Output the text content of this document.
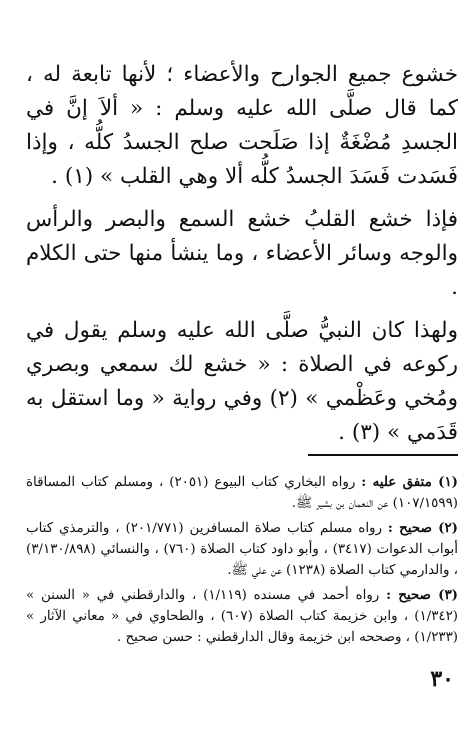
خشوع جميع الجوارح والأعضاء ؛ لأنها تابعة له ، كما قال صلَّى الله عليه وسلم : « ألاَ إنَّ في الجسدِ مُضْغَةٌ إذا صَلَحت صلح الجسدُ كلُّه ، وإذا فَسَدت فَسَدَ الجسدُ كلُّه ألا وهي القلب » (١) .

فإذا خشع القلبُ خشع السمع والبصر والرأس والوجه وسائر الأعضاء ، وما ينشأ منها حتى الكلام .

ولهذا كان النبيُّ صلَّى الله عليه وسلم يقول في ركوعه في الصلاة : « خشع لك سمعي وبصري ومُخي وعَظْمي » (٢) وفي رواية « وما استقل به قَدَمي » (٣) .

(١) متفق عليه : رواه البخاري كتاب البيوع (٢٠٥١) ، ومسلم كتاب المساقاة (١٠٧/١٥٩٩) عن النعمان بن بشير ﷺ.

(٢) صحيح : رواه مسلم كتاب صلاة المسافرين (٢٠١/٧٧١) ، والترمذي كتاب أبواب الدعوات (٣٤١٧) ، وأبو داود كتاب الصلاة (٧٦٠) ، والنسائي (٣/١٣٠/٨٩٨) ، والدارمي كتاب الصلاة (١٢٣٨) عن علي ﷺ.

(٣) صحيح : رواه أحمد في مسنده (١/١١٩) ، والدارقطني في « السنن » (١/٣٤٢) ، وابن خزيمة كتاب الصلاة (٦٠٧) ، والطحاوي في « معاني الآثار » (١/٢٣٣) ، وصححه ابن خزيمة وقال الدارقطني : حسن صحيح .

٣٠
